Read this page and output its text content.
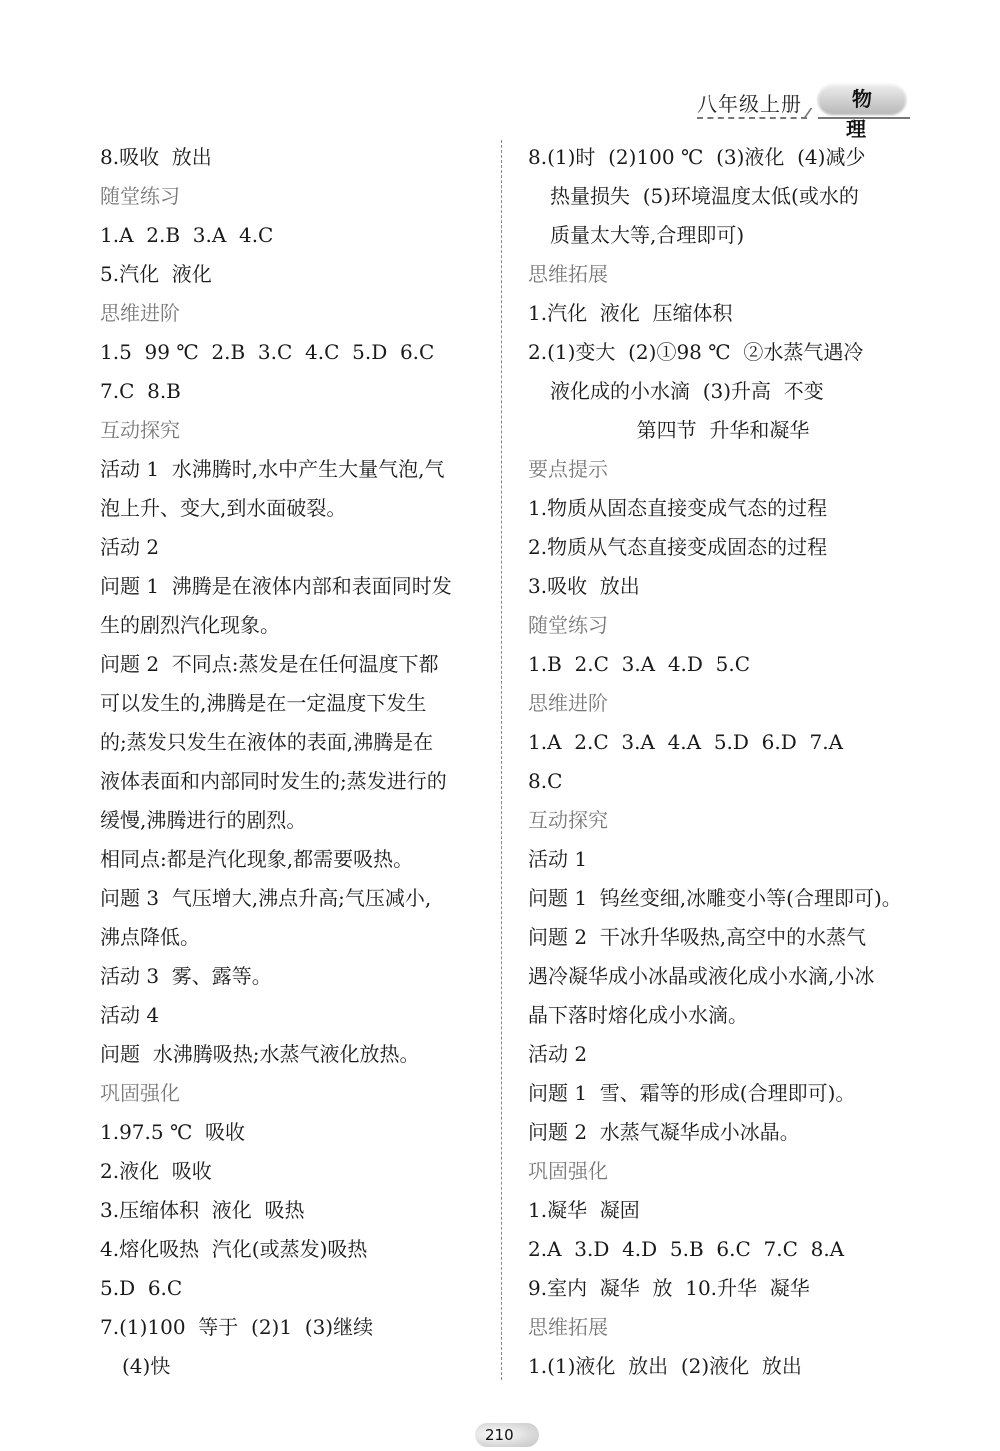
八年级上册	物 理
8.吸收  放出
随堂练习
1.A  2.B  3.A  4.C
5.汽化  液化
思维进阶
1.5  99 ℃  2.B  3.C  4.C  5.D  6.C
7.C  8.B
互动探究
活动 1  水沸腾时,水中产生大量气泡,气
泡上升、变大,到水面破裂。
活动 2
问题 1  沸腾是在液体内部和表面同时发
生的剧烈汽化现象。
问题 2  不同点:蒸发是在任何温度下都
可以发生的,沸腾是在一定温度下发生
的;蒸发只发生在液体的表面,沸腾是在
液体表面和内部同时发生的;蒸发进行的
缓慢,沸腾进行的剧烈。
相同点:都是汽化现象,都需要吸热。
问题 3  气压增大,沸点升高;气压减小,
沸点降低。
活动 3  雾、露等。
活动 4
问题  水沸腾吸热;水蒸气液化放热。
巩固强化
1.97.5 ℃  吸收
2.液化  吸收
3.压缩体积  液化  吸热
4.熔化吸热  汽化(或蒸发)吸热
5.D  6.C
7.(1)100  等于  (2)1  (3)继续
(4)快
8.(1)时  (2)100 ℃  (3)液化  (4)减少
热量损失  (5)环境温度太低(或水的
质量太大等,合理即可)
思维拓展
1.汽化  液化  压缩体积
2.(1)变大  (2)①98 ℃  ②水蒸气遇冷
液化成的小水滴  (3)升高  不变
第四节  升华和凝华
要点提示
1.物质从固态直接变成气态的过程
2.物质从气态直接变成固态的过程
3.吸收  放出
随堂练习
1.B  2.C  3.A  4.D  5.C
思维进阶
1.A  2.C  3.A  4.A  5.D  6.D  7.A
8.C
互动探究
活动 1
问题 1  钨丝变细,冰雕变小等(合理即可)。
问题 2  干冰升华吸热,高空中的水蒸气
遇冷凝华成小冰晶或液化成小水滴,小冰
晶下落时熔化成小水滴。
活动 2
问题 1  雪、霜等的形成(合理即可)。
问题 2  水蒸气凝华成小冰晶。
巩固强化
1.凝华  凝固
2.A  3.D  4.D  5.B  6.C  7.C  8.A
9.室内  凝华  放  10.升华  凝华
思维拓展
1.(1)液化  放出  (2)液化  放出
210
